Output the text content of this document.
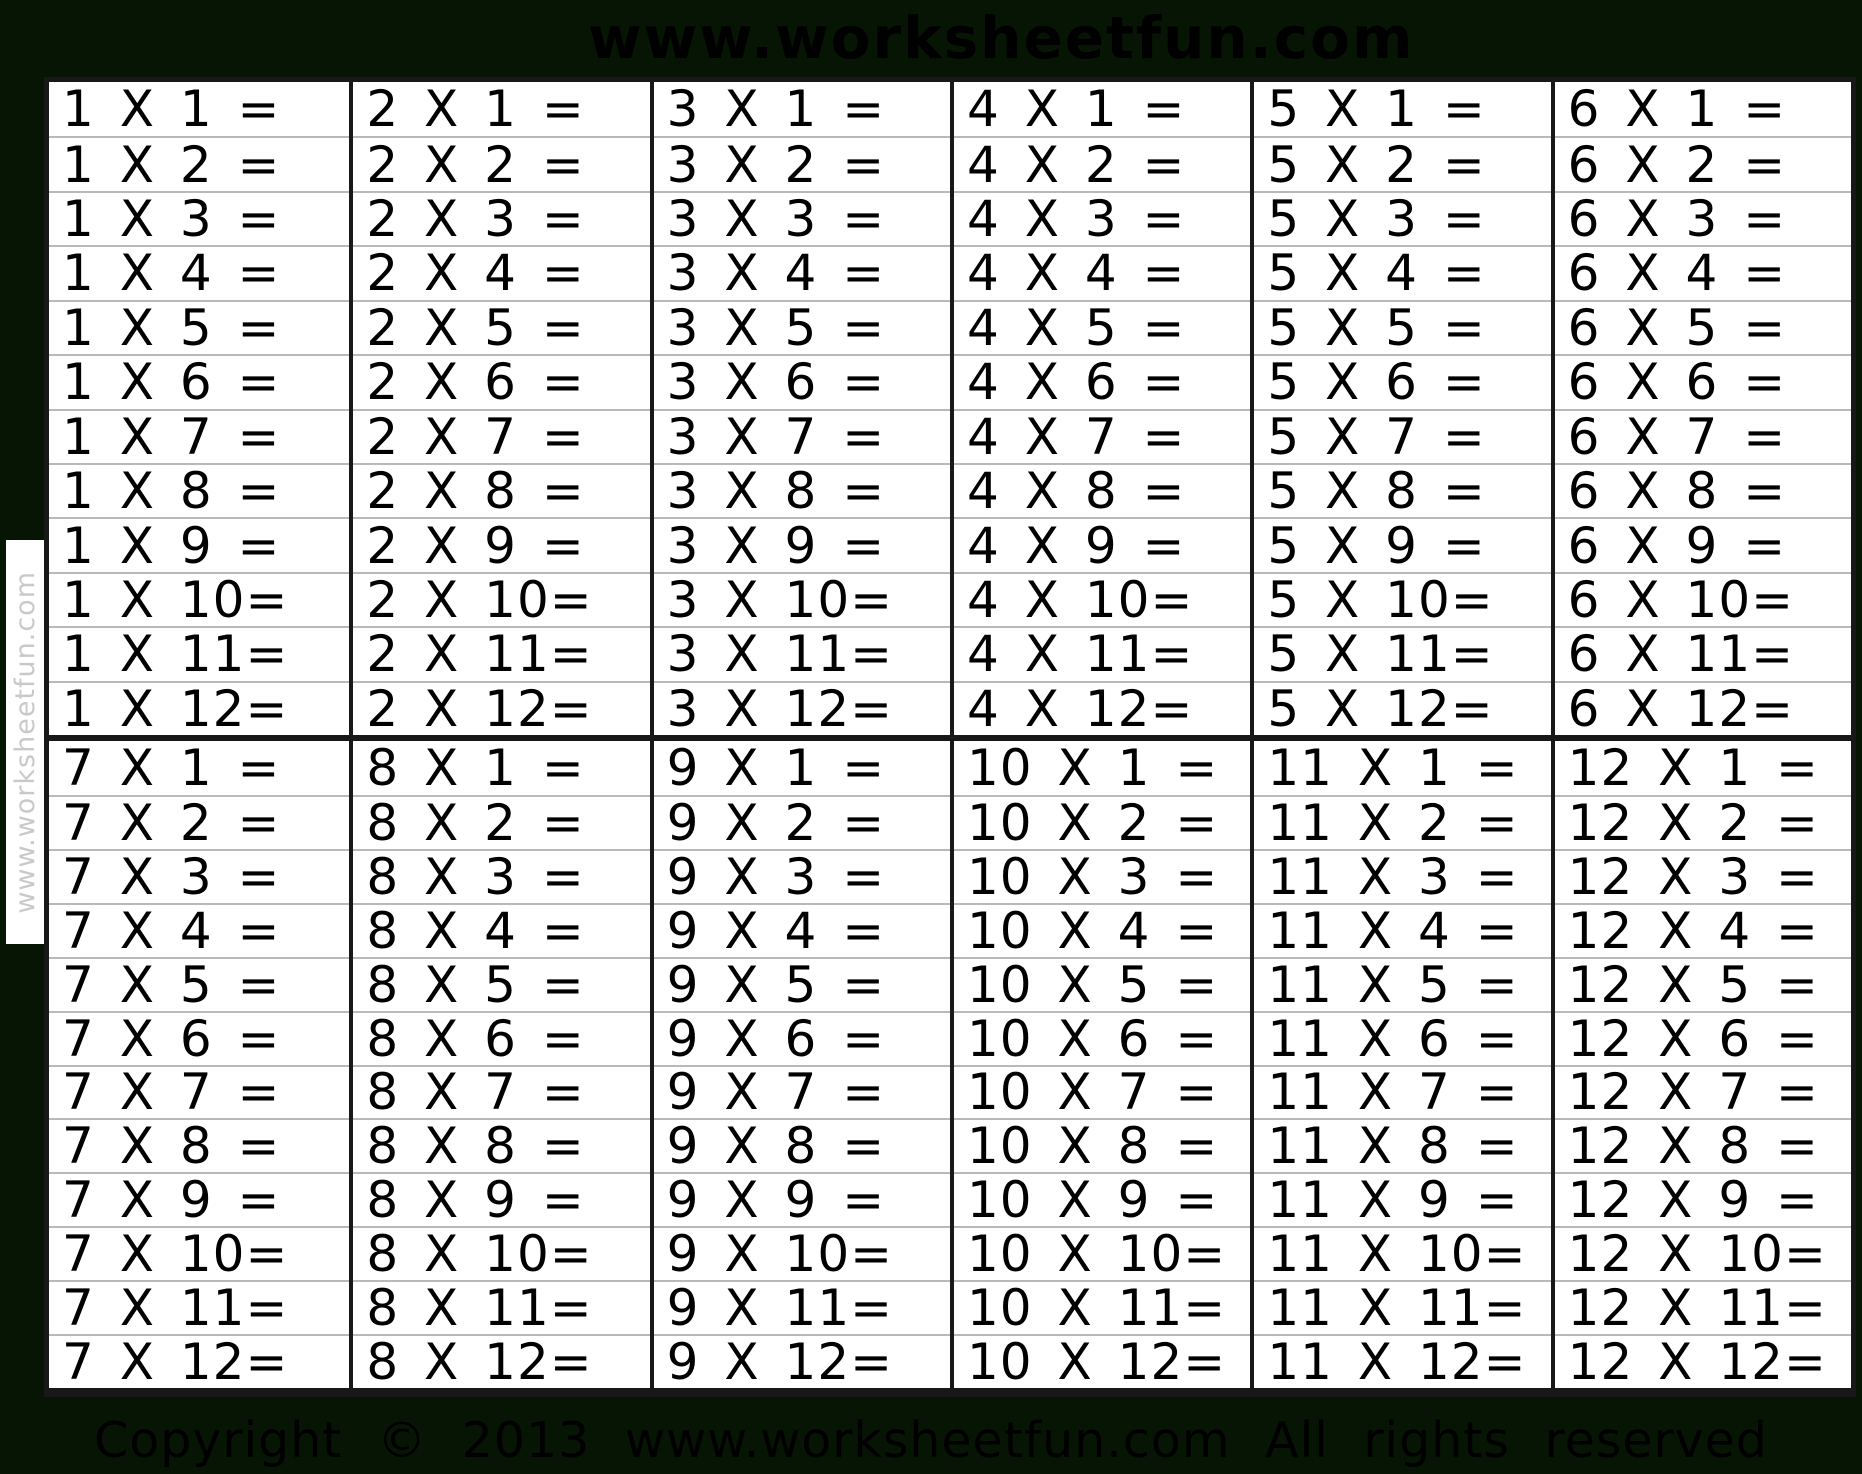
www.worksheetfun.com
1 X 1 =
1 X 2 =
1 X 3 =
1 X 4 =
1 X 5 =
1 X 6 =
1 X 7 =
1 X 8 =
1 X 9 =
1 X 10=
1 X 11=
1 X 12=
2 X 1 =
2 X 2 =
2 X 3 =
2 X 4 =
2 X 5 =
2 X 6 =
2 X 7 =
2 X 8 =
2 X 9 =
2 X 10=
2 X 11=
2 X 12=
3 X 1 =
3 X 2 =
3 X 3 =
3 X 4 =
3 X 5 =
3 X 6 =
3 X 7 =
3 X 8 =
3 X 9 =
3 X 10=
3 X 11=
3 X 12=
4 X 1 =
4 X 2 =
4 X 3 =
4 X 4 =
4 X 5 =
4 X 6 =
4 X 7 =
4 X 8 =
4 X 9 =
4 X 10=
4 X 11=
4 X 12=
5 X 1 =
5 X 2 =
5 X 3 =
5 X 4 =
5 X 5 =
5 X 6 =
5 X 7 =
5 X 8 =
5 X 9 =
5 X 10=
5 X 11=
5 X 12=
6 X 1 =
6 X 2 =
6 X 3 =
6 X 4 =
6 X 5 =
6 X 6 =
6 X 7 =
6 X 8 =
6 X 9 =
6 X 10=
6 X 11=
6 X 12=
7 X 1 =
7 X 2 =
7 X 3 =
7 X 4 =
7 X 5 =
7 X 6 =
7 X 7 =
7 X 8 =
7 X 9 =
7 X 10=
7 X 11=
7 X 12=
8 X 1 =
8 X 2 =
8 X 3 =
8 X 4 =
8 X 5 =
8 X 6 =
8 X 7 =
8 X 8 =
8 X 9 =
8 X 10=
8 X 11=
8 X 12=
9 X 1 =
9 X 2 =
9 X 3 =
9 X 4 =
9 X 5 =
9 X 6 =
9 X 7 =
9 X 8 =
9 X 9 =
9 X 10=
9 X 11=
9 X 12=
10 X 1 =
10 X 2 =
10 X 3 =
10 X 4 =
10 X 5 =
10 X 6 =
10 X 7 =
10 X 8 =
10 X 9 =
10 X 10=
10 X 11=
10 X 12=
11 X 1 =
11 X 2 =
11 X 3 =
11 X 4 =
11 X 5 =
11 X 6 =
11 X 7 =
11 X 8 =
11 X 9 =
11 X 10=
11 X 11=
11 X 12=
12 X 1 =
12 X 2 =
12 X 3 =
12 X 4 =
12 X 5 =
12 X 6 =
12 X 7 =
12 X 8 =
12 X 9 =
12 X 10=
12 X 11=
12 X 12=
www.worksheetfun.com
Copyright © 2013 www.worksheetfun.com All rights reserved
